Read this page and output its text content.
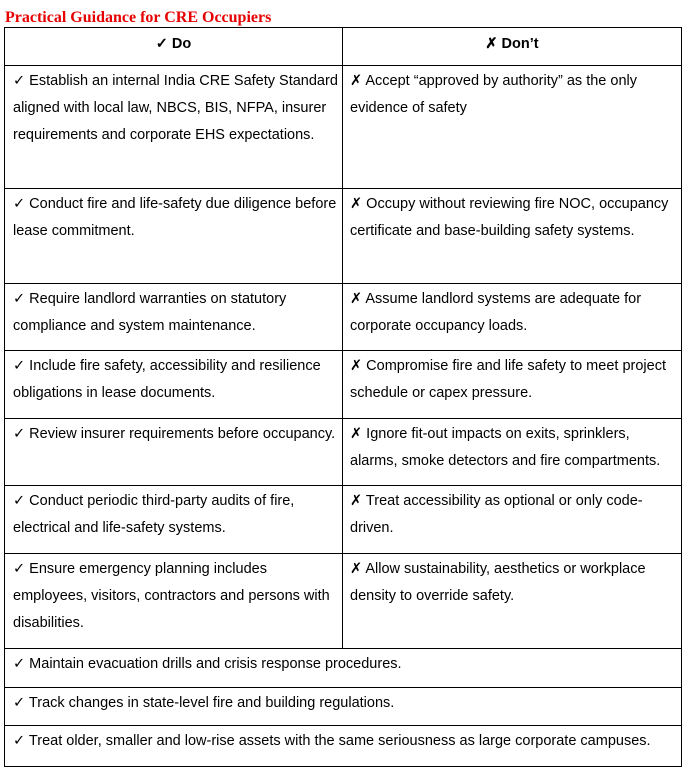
Practical Guidance for CRE Occupiers
✓ Do	✗ Don’t

✓ Establish an internal India CRE Safety Standard aligned with local law, NBCS, BIS, NFPA, insurer requirements and corporate EHS expectations.	✗ Accept “approved by authority” as the only evidence of safety

✓ Conduct fire and life-safety due diligence before lease commitment.	✗ Occupy without reviewing fire NOC, occupancy certificate and base-building safety systems.

✓ Require landlord warranties on statutory compliance and system maintenance.	✗ Assume landlord systems are adequate for corporate occupancy loads.

✓ Include fire safety, accessibility and resilience obligations in lease documents.	✗ Compromise fire and life safety to meet project schedule or capex pressure.

✓ Review insurer requirements before occupancy.	✗ Ignore fit-out impacts on exits, sprinklers, alarms, smoke detectors and fire compartments.

✓ Conduct periodic third-party audits of fire, electrical and life-safety systems.	✗ Treat accessibility as optional or only code-driven.

✓ Ensure emergency planning includes employees, visitors, contractors and persons with disabilities.	✗ Allow sustainability, aesthetics or workplace density to override safety.

✓ Maintain evacuation drills and crisis response procedures.	

✓ Track changes in state-level fire and building regulations.	

✓ Treat older, smaller and low-rise assets with the same seriousness as large corporate campuses.	
